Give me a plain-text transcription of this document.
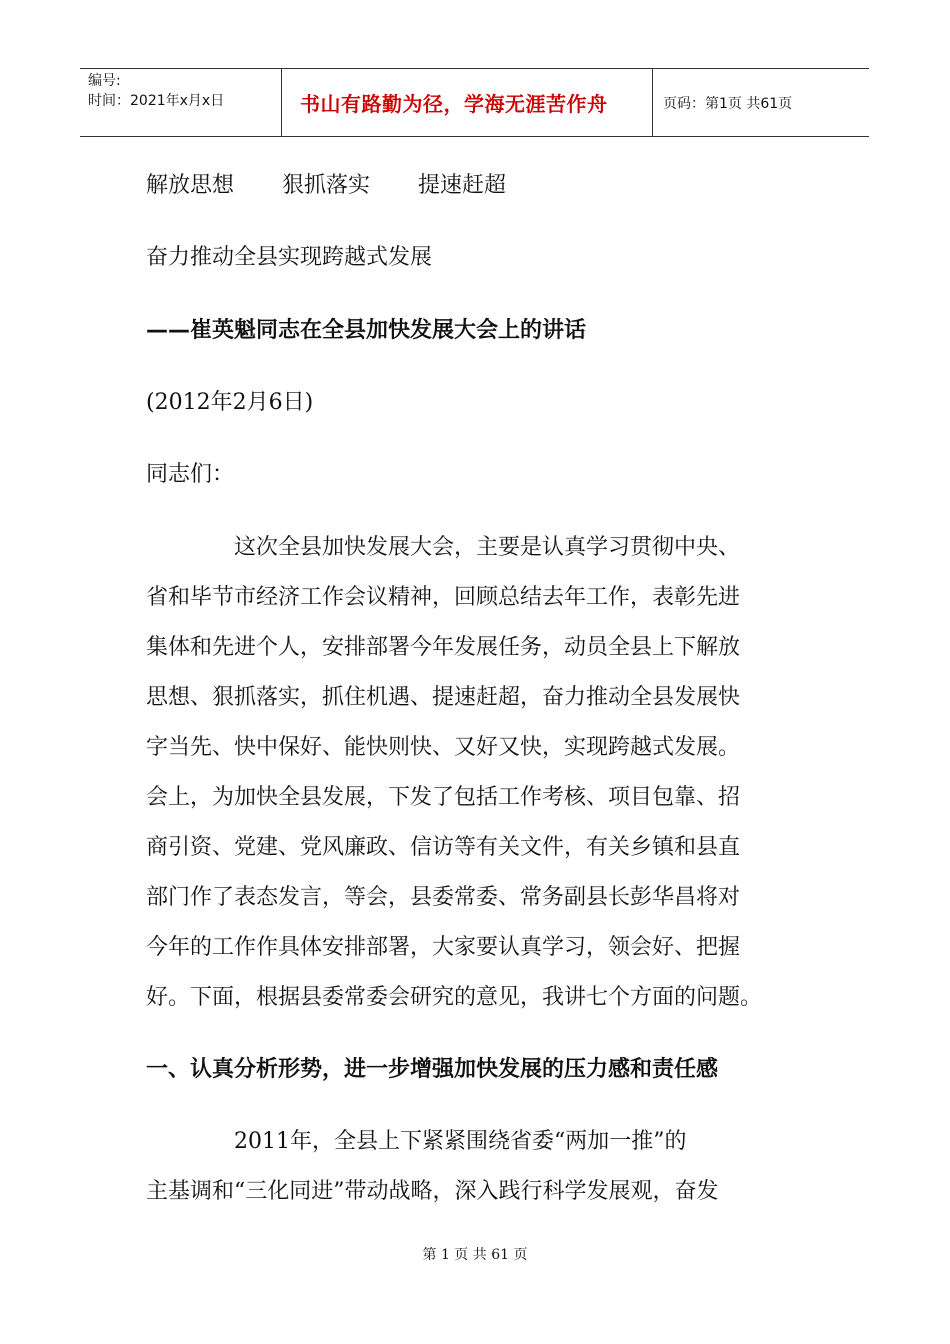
编号:
时间：2021年x月x日	书山有路勤为径，学海无涯苦作舟	页码：第1页 共61页
解放思想 狠抓落实 提速赶超
奋力推动全县实现跨越式发展
——崔英魁同志在全县加快发展大会上的讲话
(2012年2月6日)
同志们：
　　　　这次全县加快发展大会，主要是认真学习贯彻中央、
省和毕节市经济工作会议精神，回顾总结去年工作，表彰先进
集体和先进个人，安排部署今年发展任务，动员全县上下解放
思想、狠抓落实，抓住机遇、提速赶超，奋力推动全县发展快
字当先、快中保好、能快则快、又好又快，实现跨越式发展。
会上，为加快全县发展，下发了包括工作考核、项目包靠、招
商引资、党建、党风廉政、信访等有关文件，有关乡镇和县直
部门作了表态发言，等会，县委常委、常务副县长彭华昌将对
今年的工作作具体安排部署，大家要认真学习，领会好、把握
好。下面，根据县委常委会研究的意见，我讲七个方面的问题。
一、认真分析形势，进一步增强加快发展的压力感和责任感
　　　　2011年，全县上下紧紧围绕省委“两加一推”的
主基调和“三化同进”带动战略，深入践行科学发展观，奋发
第 1 页 共 61 页
